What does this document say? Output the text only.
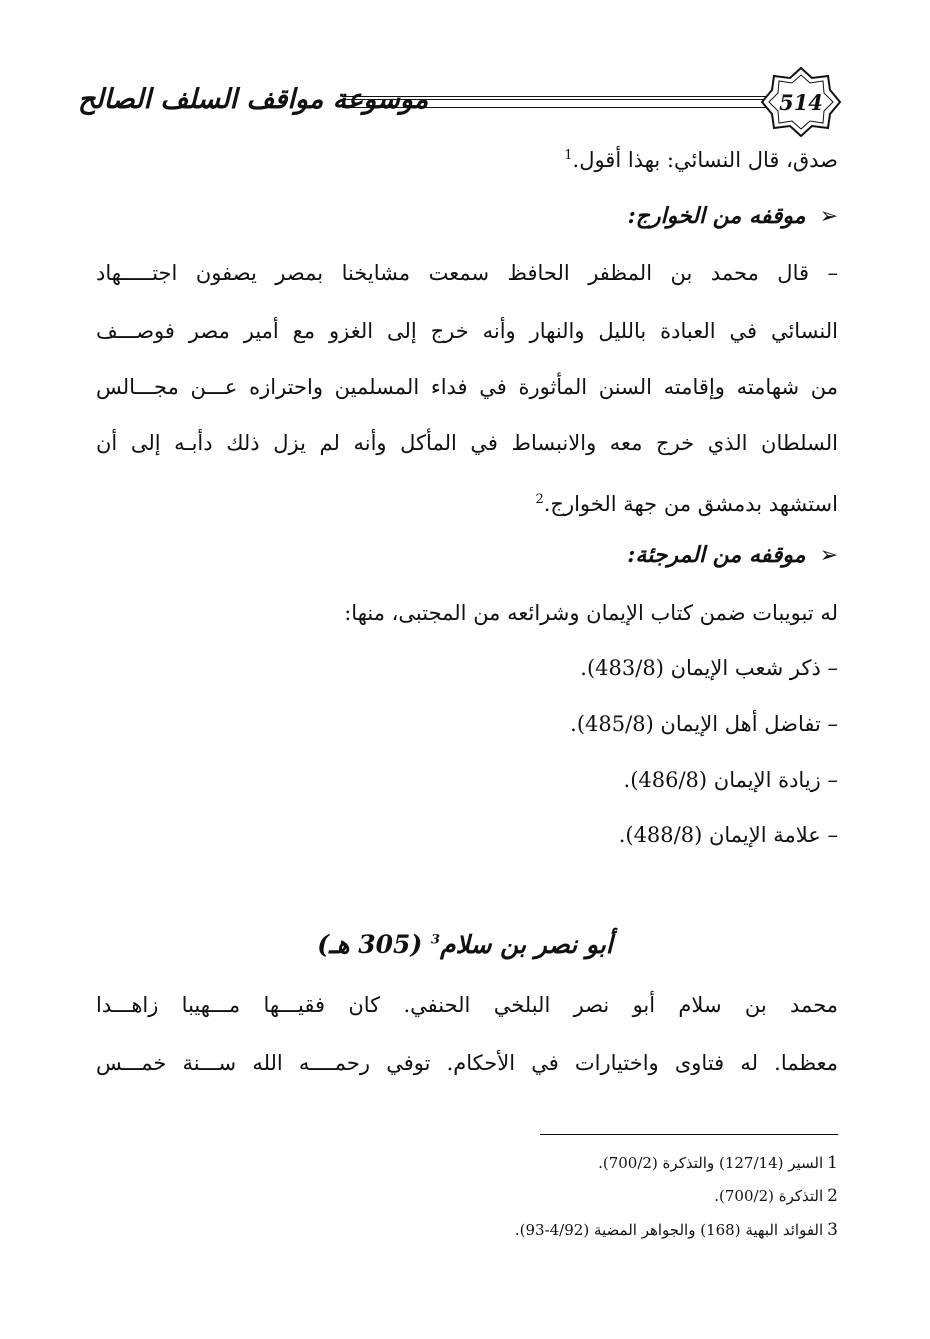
موسوعة مواقف السلف الصالح	514
صدق، قال النسائي: بهذا أقول.$^1$
➢موقفه من الخوارج:
– قال محمد بن المظفر الحافظ سمعت مشايخنا بمصر يصفون اجتـــــهاد
النسائي في العبادة بالليل والنهار وأنه خرج إلى الغزو مع أمير مصر فوصـــف
من شهامته وإقامته السنن المأثورة في فداء المسلمين واحترازه عـــن مجـــالس
السلطان الذي خرج معه والانبساط في المأكل وأنه لم يزل ذلك دأبـه إلى أن
استشهد بدمشق من جهة الخوارج.$^2$
➢موقفه من المرجئة:
له تبويبات ضمن كتاب الإيمان وشرائعه من المجتبى، منها:
– ذكر شعب الإيمان (483/8).
– تفاضل أهل الإيمان (485/8).
– زيادة الإيمان (486/8).
– علامة الإيمان (488/8).
أبو نصر بن سلام$^3$ (305 هـ)
محمد بن سلام أبو نصر البلخي الحنفي. كان فقيـــها مـــهيبا زاهـــدا
معظما. له فتاوى واختيارات في الأحكام. توفي رحمــــه الله ســـنة خمـــس
1السير (127/14) والتذكرة (700/2).
2التذكرة (700/2).
3الفوائد البهية (168) والجواهر المضية (4/92-93).
